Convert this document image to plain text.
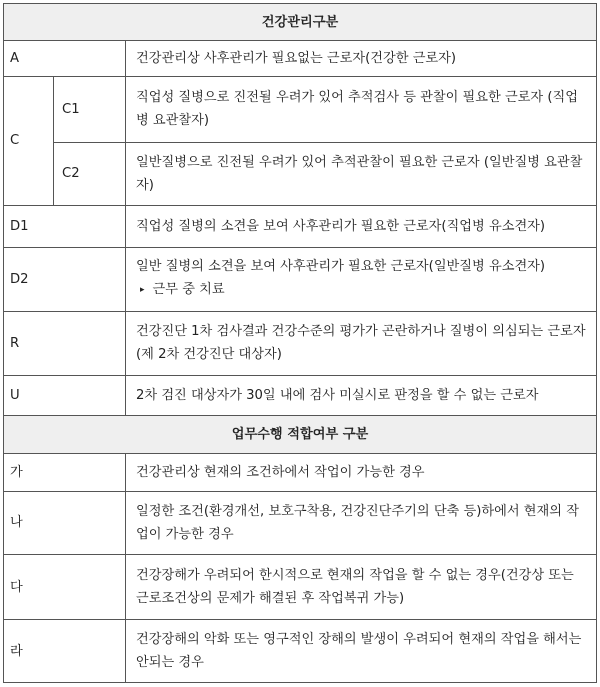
건강관리구분		
A		건강관리상 사후관리가 필요없는 근로자(건강한 근로자)
C	C1	직업성 질병으로 진전될 우려가 있어 추적검사 등 관찰이 필요한 근로자 (직업병 요관찰자)
	C2	일반질병으로 진전될 우려가 있어 추적관찰이 필요한 근로자 (일반질병 요관찰자)
D1		직업성 질병의 소견을 보여 사후관리가 필요한 근로자(직업병 유소견자)
D2		일반 질병의 소견을 보여 사후관리가 필요한 근로자(일반질병 유소견자)
▸ 근무 중 치료

R		건강진단 1차 검사결과 건강수준의 평가가 곤란하거나 질병이 의심되는 근로자(제 2차 건강진단 대상자)
U		2차 검진 대상자가 30일 내에 검사 미실시로 판정을 할 수 없는 근로자
업무수행 적합여부 구분		
가		건강관리상 현재의 조건하에서 작업이 가능한 경우
나		일정한 조건(환경개선, 보호구착용, 건강진단주기의 단축 등)하에서 현재의 작업이 가능한 경우
다		건강장해가 우려되어 한시적으로 현재의 작업을 할 수 없는 경우(건강상 또는 근로조건상의 문제가 해결된 후 작업복귀 가능)
라		건강장해의 악화 또는 영구적인 장해의 발생이 우려되어 현재의 작업을 해서는 안되는 경우
